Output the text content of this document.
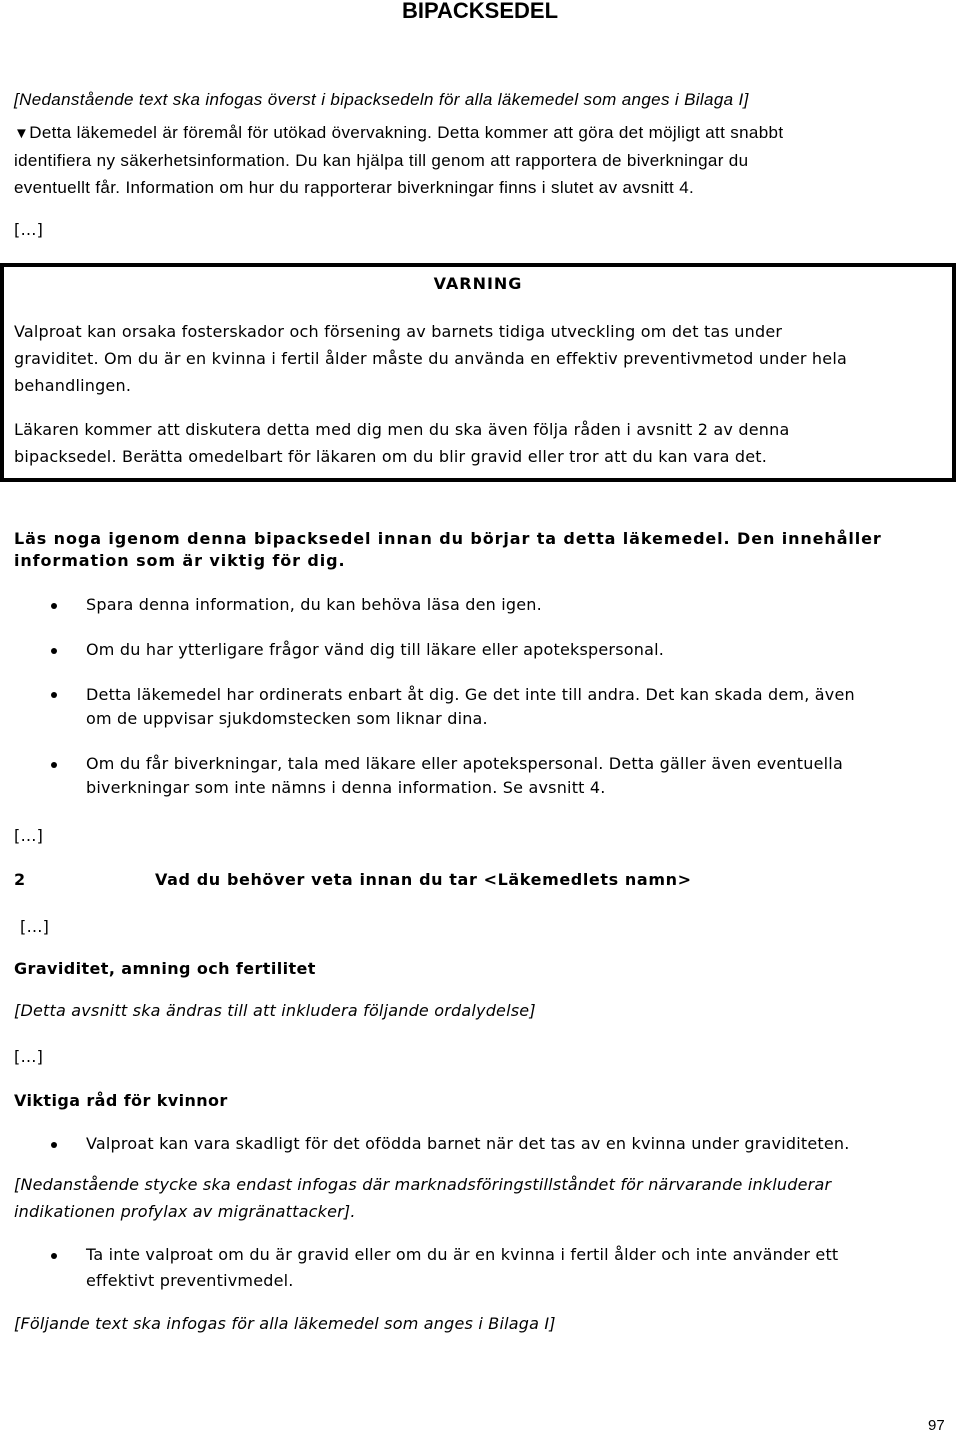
BIPACKSEDEL
[Nedanstående text ska infogas överst i bipacksedeln för alla läkemedel som anges i Bilaga I]
▼Detta läkemedel är föremål för utökad övervakning. Detta kommer att göra det möjligt att snabbt
identifiera ny säkerhetsinformation. Du kan hjälpa till genom att rapportera de biverkningar du
eventuellt får. Information om hur du rapporterar biverkningar finns i slutet av avsnitt 4.
[…]
VARNING
Valproat kan orsaka fosterskador och försening av barnets tidiga utveckling om det tas under
graviditet. Om du är en kvinna i fertil ålder måste du använda en effektiv preventivmetod under hela
behandlingen.
Läkaren kommer att diskutera detta med dig men du ska även följa råden i avsnitt 2 av denna
bipacksedel. Berätta omedelbart för läkaren om du blir gravid eller tror att du kan vara det.
Läs noga igenom denna bipacksedel innan du börjar ta detta läkemedel. Den innehåller
information som är viktig för dig.
Spara denna information, du kan behöva läsa den igen.
Om du har ytterligare frågor vänd dig till läkare eller apotekspersonal.
Detta läkemedel har ordinerats enbart åt dig. Ge det inte till andra. Det kan skada dem, även
om de uppvisar sjukdomstecken som liknar dina.
Om du får biverkningar, tala med läkare eller apotekspersonal. Detta gäller även eventuella
biverkningar som inte nämns i denna information. Se avsnitt 4.
[…]
2	Vad du behöver veta innan du tar <Läkemedlets namn>
[…]
Graviditet, amning och fertilitet
[Detta avsnitt ska ändras till att inkludera följande ordalydelse]
[…]
Viktiga råd för kvinnor
Valproat kan vara skadligt för det ofödda barnet när det tas av en kvinna under graviditeten.
[Nedanstående stycke ska endast infogas där marknadsföringstillståndet för närvarande inkluderar
indikationen profylax av migränattacker].
Ta inte valproat om du är gravid eller om du är en kvinna i fertil ålder och inte använder ett
effektivt preventivmedel.
[Följande text ska infogas för alla läkemedel som anges i Bilaga I]
97
